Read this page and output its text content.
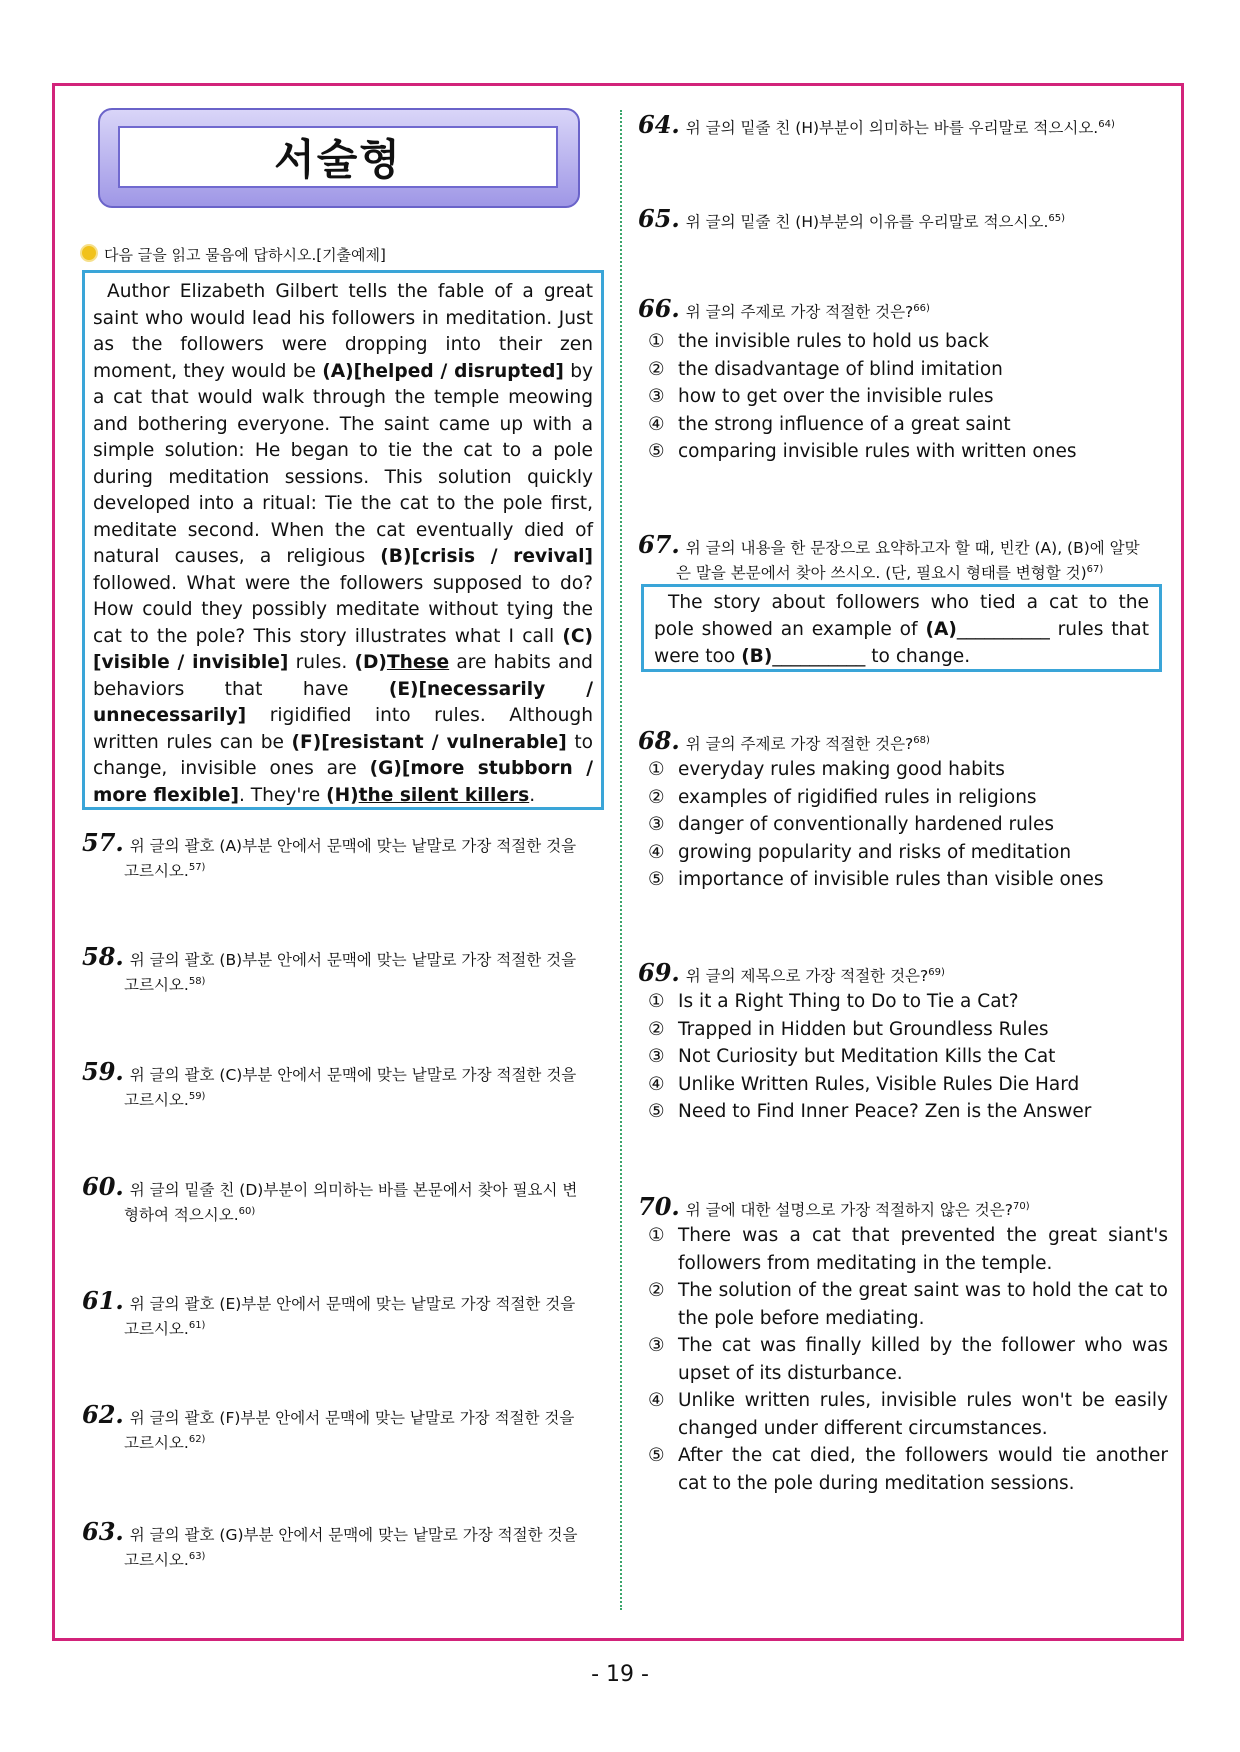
서술형
다음 글을 읽고 물음에 답하시오.[기출예제]

Author Elizabeth Gilbert tells the fable of a great saint who would lead his followers in meditation. Just as the followers were dropping into their zen moment, they would be (A)[helped / disrupted] by a cat that would walk through the temple meowing and bothering everyone. The saint came up with a simple solution: He began to tie the cat to a pole during meditation sessions. This solution quickly developed into a ritual: Tie the cat to the pole first, meditate second. When the cat eventually died of natural causes, a religious (B)[crisis / revival] followed. What were the followers supposed to do? How could they possibly meditate without tying the cat to the pole? This story illustrates what I call (C)[visible / invisible] rules. (D)These are habits and behaviors that have (E)[necessarily / unnecessarily] rigidified into rules. Although written rules can be (F)[resistant / vulnerable] to change, invisible ones are (G)[more stubborn / more flexible]. They're (H)the silent killers.

57. 위 글의 괄호 (A)부분 안에서 문맥에 맞는 낱말로 가장 적절한 것을
고르시오.$^{57)}$
58. 위 글의 괄호 (B)부분 안에서 문맥에 맞는 낱말로 가장 적절한 것을
고르시오.$^{58)}$
59. 위 글의 괄호 (C)부분 안에서 문맥에 맞는 낱말로 가장 적절한 것을
고르시오.$^{59)}$
60. 위 글의 밑줄 친 (D)부분이 의미하는 바를 본문에서 찾아 필요시 변
형하여 적으시오.$^{60)}$
61. 위 글의 괄호 (E)부분 안에서 문맥에 맞는 낱말로 가장 적절한 것을
고르시오.$^{61)}$
62. 위 글의 괄호 (F)부분 안에서 문맥에 맞는 낱말로 가장 적절한 것을
고르시오.$^{62)}$
63. 위 글의 괄호 (G)부분 안에서 문맥에 맞는 낱말로 가장 적절한 것을
고르시오.$^{63)}$
64. 위 글의 밑줄 친 (H)부분이 의미하는 바를 우리말로 적으시오.$^{64)}$
65. 위 글의 밑줄 친 (H)부분의 이유를 우리말로 적으시오.$^{65)}$
66. 위 글의 주제로 가장 적절한 것은?$^{66)}$
① the invisible rules to hold us back
② the disadvantage of blind imitation
③ how to get over the invisible rules
④ the strong influence of a great saint
⑤ comparing invisible rules with written ones
67. 위 글의 내용을 한 문장으로 요약하고자 할 때, 빈칸 (A), (B)에 알맞
은 말을 본문에서 찾아 쓰시오. (단, 필요시 형태를 변형할 것)$^{67)}$

The story about followers who tied a cat to the pole showed an example of (A)__________ rules that were too (B)__________ to change.

68. 위 글의 주제로 가장 적절한 것은?$^{68)}$
① everyday rules making good habits
② examples of rigidified rules in religions
③ danger of conventionally hardened rules
④ growing popularity and risks of meditation
⑤ importance of invisible rules than visible ones
69. 위 글의 제목으로 가장 적절한 것은?$^{69)}$
① Is it a Right Thing to Do to Tie a Cat?
② Trapped in Hidden but Groundless Rules
③ Not Curiosity but Meditation Kills the Cat
④ Unlike Written Rules, Visible Rules Die Hard
⑤ Need to Find Inner Peace? Zen is the Answer
70. 위 글에 대한 설명으로 가장 적절하지 않은 것은?$^{70)}$
① There was a cat that prevented the great siant's followers from meditating in the temple.
② The solution of the great saint was to hold the cat to the pole before mediating.
③ The cat was finally killed by the follower who was upset of its disturbance.
④ Unlike written rules, invisible rules won't be easily changed under different circumstances.
⑤ After the cat died, the followers would tie another cat to the pole during meditation sessions.
- 19 -
